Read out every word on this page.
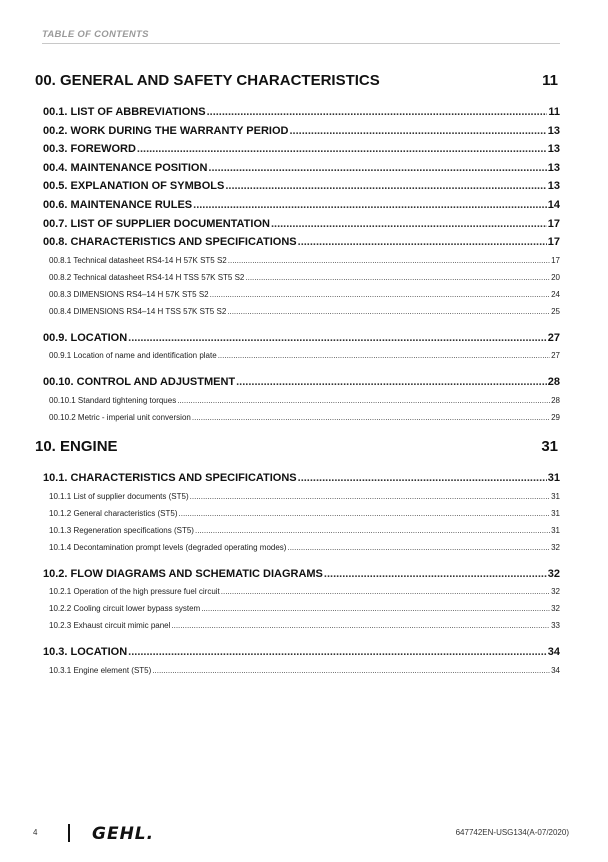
TABLE OF CONTENTS
00. GENERAL AND SAFETY CHARACTERISTICS	11
00.1. LIST OF ABBREVIATIONS .....	11
00.2. WORK DURING THE WARRANTY PERIOD .....	13
00.3. FOREWORD .....	13
00.4. MAINTENANCE POSITION .....	13
00.5. EXPLANATION OF SYMBOLS .....	13
00.6. MAINTENANCE RULES .....	14
00.7. LIST OF SUPPLIER DOCUMENTATION .....	17
00.8. CHARACTERISTICS AND SPECIFICATIONS .....	17
00.8.1 Technical datasheet RS4-14 H 57K ST5 S2 .....	17
00.8.2 Technical datasheet RS4-14 H TSS 57K ST5 S2 .....	20
00.8.3 DIMENSIONS RS4–14 H 57K ST5 S2 .....	24
00.8.4 DIMENSIONS RS4–14 H TSS 57K ST5 S2 .....	25
00.9. LOCATION .....	27
00.9.1 Location of name and identification plate .....	27
00.10. CONTROL AND ADJUSTMENT .....	28
00.10.1 Standard tightening torques .....	28
00.10.2 Metric - imperial unit conversion .....	29
10. ENGINE	31
10.1. CHARACTERISTICS AND SPECIFICATIONS .....	31
10.1.1 List of supplier documents (ST5) .....	31
10.1.2 General characteristics (ST5) .....	31
10.1.3 Regeneration specifications (ST5) .....	31
10.1.4 Decontamination prompt levels (degraded operating modes) .....	32
10.2. FLOW DIAGRAMS AND SCHEMATIC DIAGRAMS .....	32
10.2.1 Operation of the high pressure fuel circuit .....	32
10.2.2 Cooling circuit lower bypass system .....	32
10.2.3 Exhaust circuit mimic panel .....	33
10.3. LOCATION .....	34
10.3.1 Engine element (ST5) .....	34
4	GEHL.	647742EN-USG134(A-07/2020)
